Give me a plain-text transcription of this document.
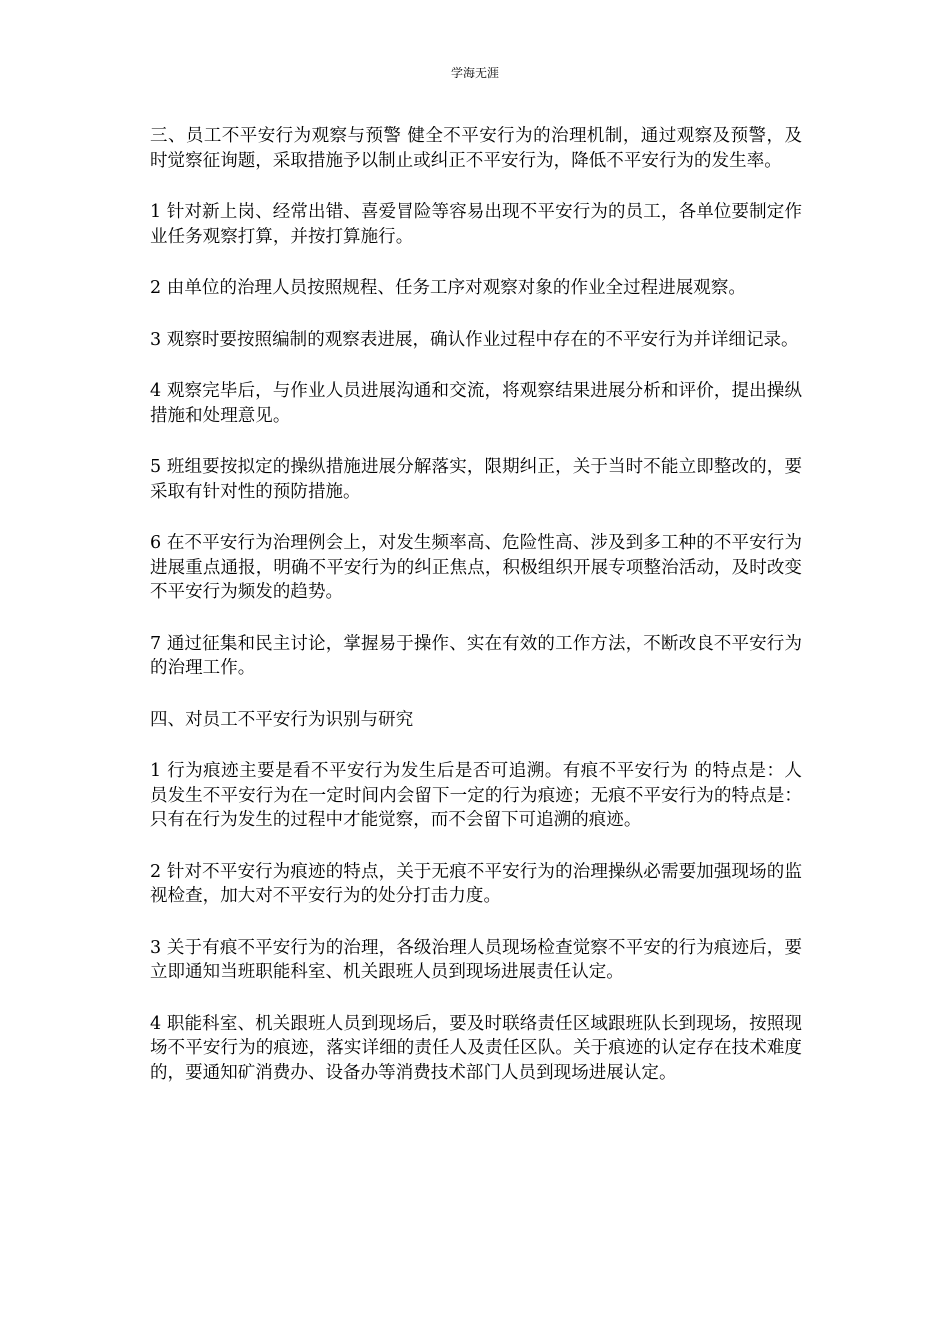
学海无涯

三、员工不平安行为观察与预警 健全不平安行为的治理机制，通过观察及预警，及时觉察征询题，采取措施予以制止或纠正不平安行为，降低不平安行为的发生率。

1 针对新上岗、经常出错、喜爱冒险等容易出现不平安行为的员工，各单位要制定作业任务观察打算，并按打算施行。

2 由单位的治理人员按照规程、任务工序对观察对象的作业全过程进展观察。

3 观察时要按照编制的观察表进展，确认作业过程中存在的不平安行为并详细记录。

4 观察完毕后，与作业人员进展沟通和交流，将观察结果进展分析和评价，提出操纵措施和处理意见。

5 班组要按拟定的操纵措施进展分解落实，限期纠正，关于当时不能立即整改的，要采取有针对性的预防措施。

6 在不平安行为治理例会上，对发生频率高、危险性高、涉及到多工种的不平安行为进展重点通报，明确不平安行为的纠正焦点，积极组织开展专项整治活动，及时改变不平安行为频发的趋势。

7 通过征集和民主讨论，掌握易于操作、实在有效的工作方法，不断改良不平安行为的治理工作。

四、对员工不平安行为识别与研究

1 行为痕迹主要是看不平安行为发生后是否可追溯。有痕不平安行为 的特点是：人员发生不平安行为在一定时间内会留下一定的行为痕迹；无痕不平安行为的特点是：只有在行为发生的过程中才能觉察，而不会留下可追溯的痕迹。

2 针对不平安行为痕迹的特点，关于无痕不平安行为的治理操纵必需要加强现场的监视检查，加大对不平安行为的处分打击力度。

3 关于有痕不平安行为的治理，各级治理人员现场检查觉察不平安的行为痕迹后，要立即通知当班职能科室、机关跟班人员到现场进展责任认定。

4 职能科室、机关跟班人员到现场后，要及时联络责任区域跟班队长到现场，按照现场不平安行为的痕迹，落实详细的责任人及责任区队。关于痕迹的认定存在技术难度的，要通知矿消费办、设备办等消费技术部门人员到现场进展认定。
